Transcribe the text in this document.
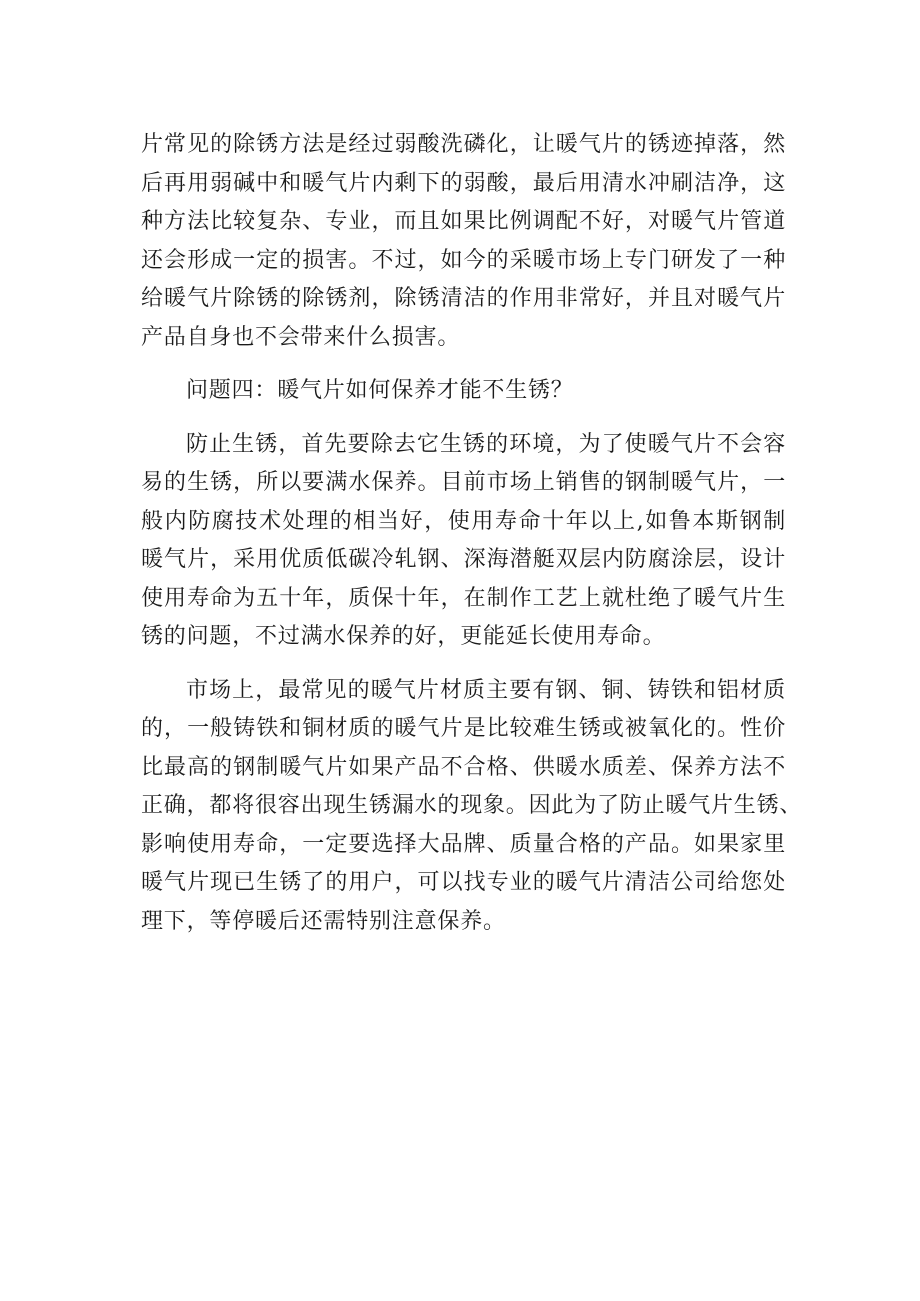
片常见的除锈方法是经过弱酸洗磷化，让暖气片的锈迹掉落，然
后再用弱碱中和暖气片内剩下的弱酸，最后用清水冲刷洁净，这
种方法比较复杂、专业，而且如果比例调配不好，对暖气片管道
还会形成一定的损害。不过，如今的采暖市场上专门研发了一种
给暖气片除锈的除锈剂，除锈清洁的作用非常好，并且对暖气片
产品自身也不会带来什么损害。
问题四：暖气片如何保养才能不生锈？
防止生锈，首先要除去它生锈的环境，为了使暖气片不会容
易的生锈，所以要满水保养。目前市场上销售的钢制暖气片，一
般内防腐技术处理的相当好，使用寿命十年以上,如鲁本斯钢制
暖气片，采用优质低碳冷轧钢、深海潜艇双层内防腐涂层，设计
使用寿命为五十年，质保十年，在制作工艺上就杜绝了暖气片生
锈的问题，不过满水保养的好，更能延长使用寿命。
市场上，最常见的暖气片材质主要有钢、铜、铸铁和铝材质
的，一般铸铁和铜材质的暖气片是比较难生锈或被氧化的。性价
比最高的钢制暖气片如果产品不合格、供暖水质差、保养方法不
正确，都将很容出现生锈漏水的现象。因此为了防止暖气片生锈、
影响使用寿命，一定要选择大品牌、质量合格的产品。如果家里
暖气片现已生锈了的用户，可以找专业的暖气片清洁公司给您处
理下，等停暖后还需特别注意保养。
